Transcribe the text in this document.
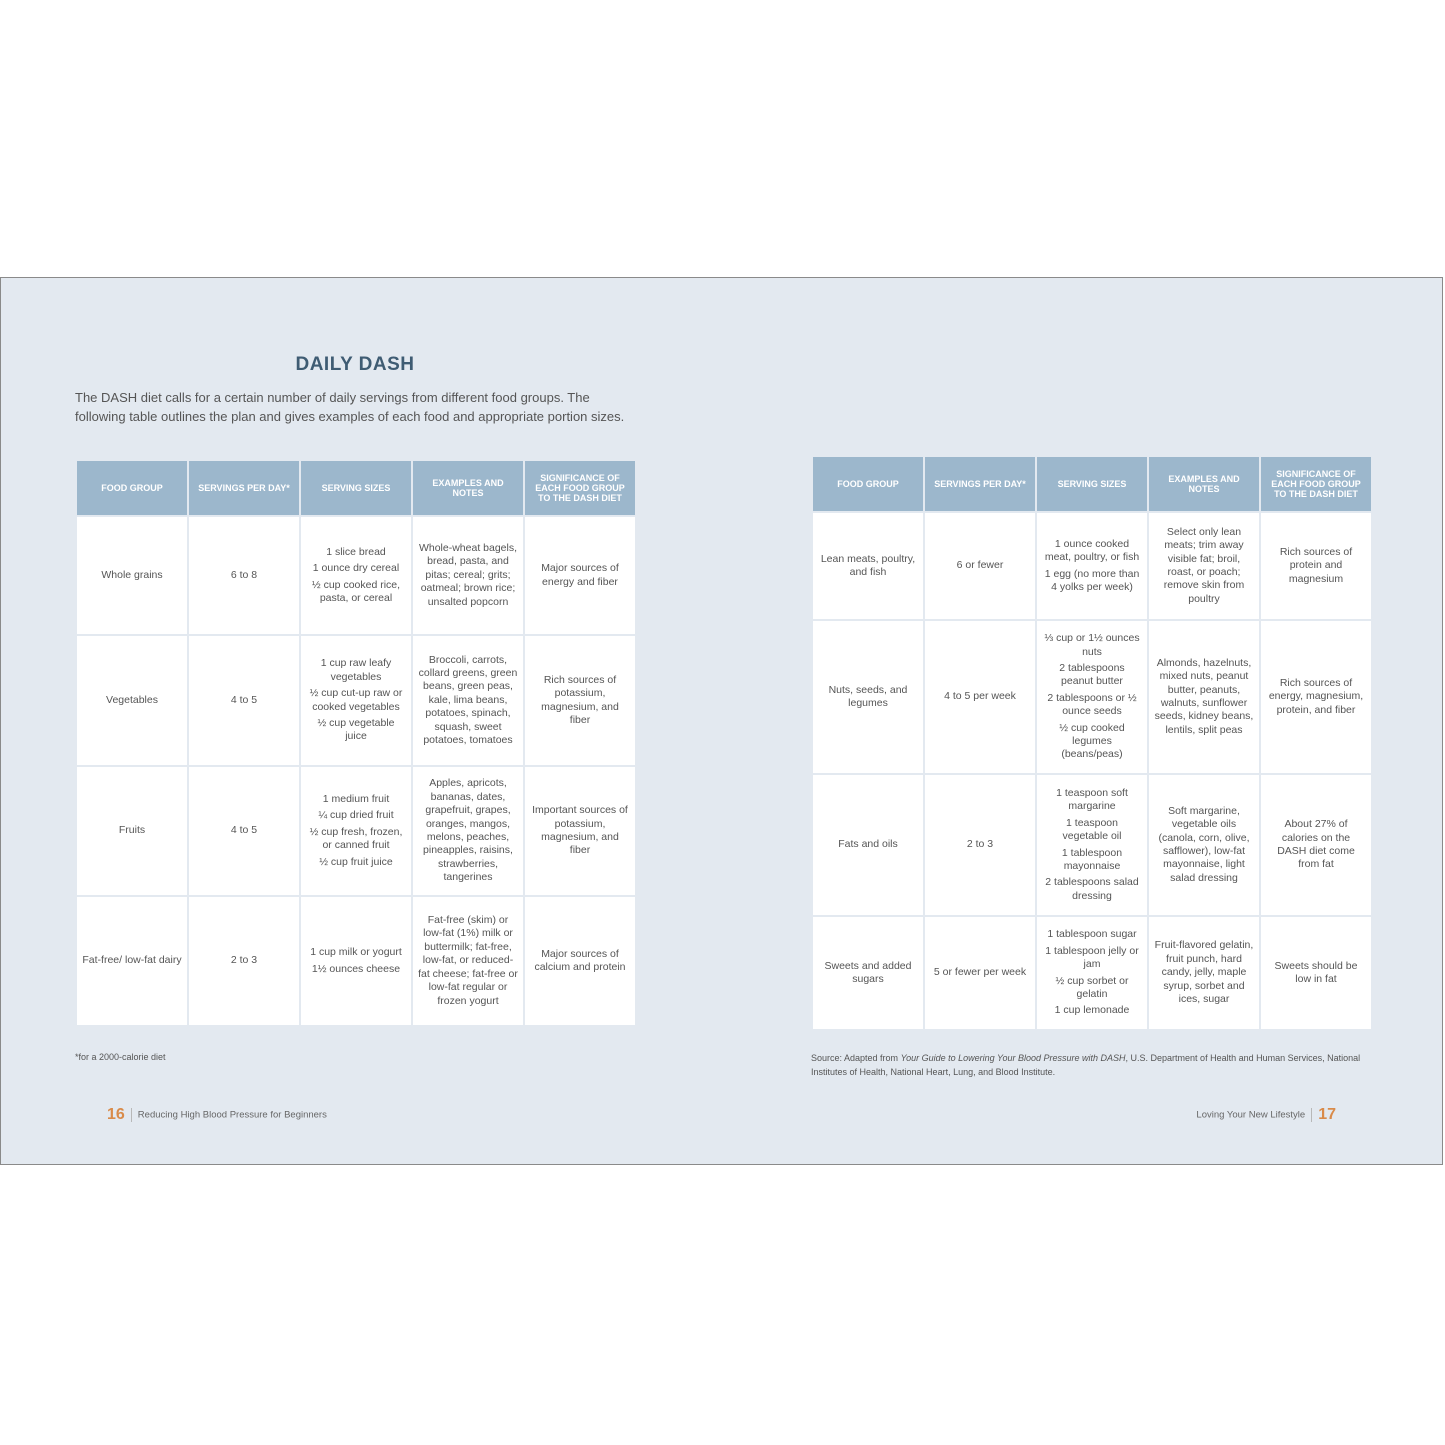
DAILY DASH
The DASH diet calls for a certain number of daily servings from different food groups. The following table outlines the plan and gives examples of each food and appropriate portion sizes.
FOOD GROUP	SERVINGS PER DAY*	SERVING SIZES	EXAMPLES AND NOTES	SIGNIFICANCE OF EACH FOOD GROUP TO THE DASH DIET
Whole grains	6 to 8	1 slice bread
1 ounce dry cereal
½ cup cooked rice, pasta, or cereal	Whole-wheat bagels, bread, pasta, and pitas; cereal; grits; oatmeal; brown rice; unsalted popcorn	Major sources of energy and fiber
Vegetables	4 to 5	1 cup raw leafy vegetables
½ cup cut-up raw or cooked vegetables
½ cup vegetable juice	Broccoli, carrots, collard greens, green beans, green peas, kale, lima beans, potatoes, spinach, squash, sweet potatoes, tomatoes	Rich sources of potassium, magnesium, and fiber
Fruits	4 to 5	1 medium fruit
¼ cup dried fruit
½ cup fresh, frozen, or canned fruit
½ cup fruit juice	Apples, apricots, bananas, dates, grapefruit, grapes, oranges, mangos, melons, peaches, pineapples, raisins, strawberries, tangerines	Important sources of potassium, magnesium, and fiber
Fat-free/ low-fat dairy	2 to 3	1 cup milk or yogurt
1½ ounces cheese	Fat-free (skim) or low-fat (1%) milk or buttermilk; fat-free, low-fat, or reduced-fat cheese; fat-free or low-fat regular or frozen yogurt	Major sources of calcium and protein
FOOD GROUP	SERVINGS PER DAY*	SERVING SIZES	EXAMPLES AND NOTES	SIGNIFICANCE OF EACH FOOD GROUP TO THE DASH DIET
Lean meats, poultry, and fish	6 or fewer	1 ounce cooked meat, poultry, or fish
1 egg (no more than 4 yolks per week)	Select only lean meats; trim away visible fat; broil, roast, or poach; remove skin from poultry	Rich sources of protein and magnesium
Nuts, seeds, and legumes	4 to 5 per week	⅓ cup or 1½ ounces nuts
2 tablespoons peanut butter
2 tablespoons or ½ ounce seeds
½ cup cooked legumes (beans/peas)	Almonds, hazelnuts, mixed nuts, peanut butter, peanuts, walnuts, sunflower seeds, kidney beans, lentils, split peas	Rich sources of energy, magnesium, protein, and fiber
Fats and oils	2 to 3	1 teaspoon soft margarine
1 teaspoon vegetable oil
1 tablespoon mayonnaise
2 tablespoons salad dressing	Soft margarine, vegetable oils (canola, corn, olive, safflower), low-fat mayonnaise, light salad dressing	About 27% of calories on the DASH diet come from fat
Sweets and added sugars	5 or fewer per week	1 tablespoon sugar
1 tablespoon jelly or jam
½ cup sorbet or gelatin
1 cup lemonade	Fruit-flavored gelatin, fruit punch, hard candy, jelly, maple syrup, sorbet and ices, sugar	Sweets should be low in fat
*for a 2000-calorie diet	Source: Adapted from Your Guide to Lowering Your Blood Pressure with DASH, U.S. Department of Health and Human Services, National Institutes of Health, National Heart, Lung, and Blood Institute.
16 Reducing High Blood Pressure for Beginners	Loving Your New Lifestyle 17
